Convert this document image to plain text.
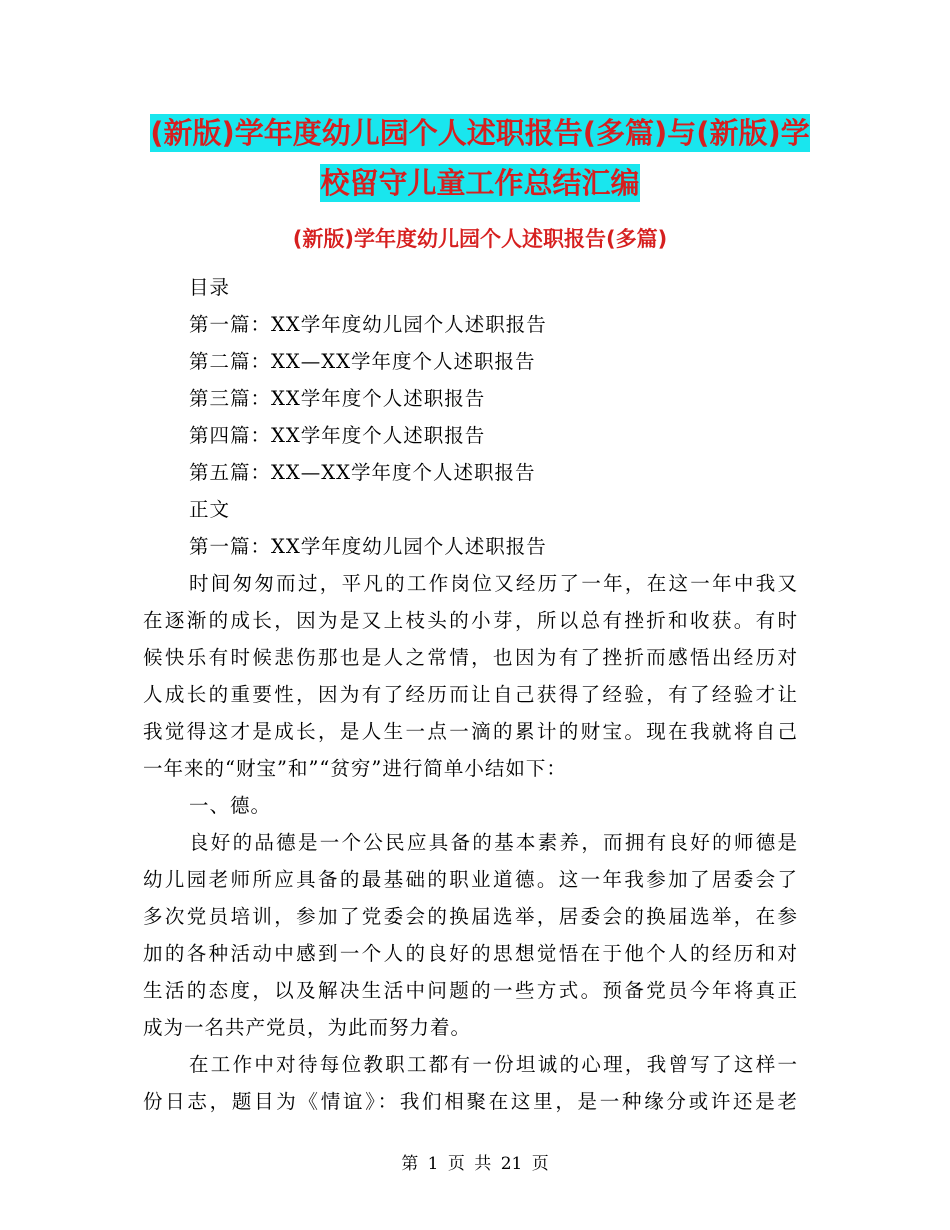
(新版)学年度幼儿园个人述职报告(多篇)与(新版)学
校留守儿童工作总结汇编
(新版)学年度幼儿园个人述职报告(多篇)
目录
第一篇：XX学年度幼儿园个人述职报告
第二篇：XX—XX学年度个人述职报告
第三篇：XX学年度个人述职报告
第四篇：XX学年度个人述职报告
第五篇：XX—XX学年度个人述职报告
正文
第一篇：XX学年度幼儿园个人述职报告
时间匆匆而过，平凡的工作岗位又经历了一年，在这一年中我又
在逐渐的成长，因为是又上枝头的小芽，所以总有挫折和收获。有时
候快乐有时候悲伤那也是人之常情，也因为有了挫折而感悟出经历对
人成长的重要性，因为有了经历而让自己获得了经验，有了经验才让
我觉得这才是成长，是人生一点一滴的累计的财宝。现在我就将自己
一年来的“财宝”和”“贫穷”进行简单小结如下：
一、德。
良好的品德是一个公民应具备的基本素养，而拥有良好的师德是
幼儿园老师所应具备的最基础的职业道德。这一年我参加了居委会了
多次党员培训，参加了党委会的换届选举，居委会的换届选举，在参
加的各种活动中感到一个人的良好的思想觉悟在于他个人的经历和对
生活的态度，以及解决生活中问题的一些方式。预备党员今年将真正
成为一名共产党员，为此而努力着。
在工作中对待每位教职工都有一份坦诚的心理，我曾写了这样一
份日志，题目为《情谊》：我们相聚在这里，是一种缘分或许还是老
第 1 页 共 21 页
